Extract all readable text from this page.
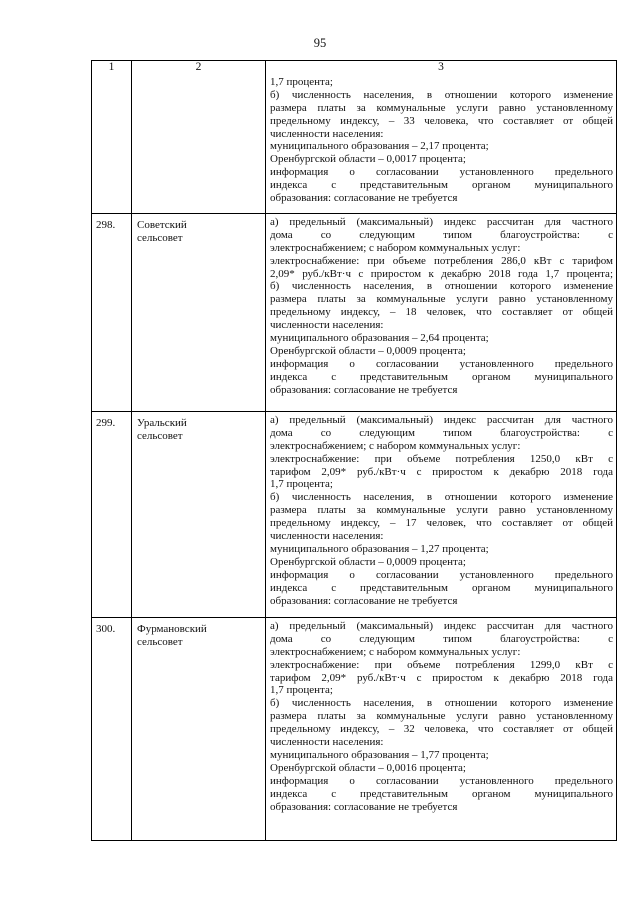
95
1	2	3
1,7 процента;
б) численность населения, в отношении которого изменение
размера платы за коммунальные услуги равно установленному
предельному индексу, – 33 человека, что составляет от общей
численности населения:
муниципального образования – 2,17 процента;
Оренбургской области – 0,0017 процента;
информация о согласовании установленного предельного
индекса с представительным органом муниципального
образования: согласование не требуется
298.	Советский
сельсовет
а) предельный (максимальный) индекс рассчитан для частного
дома со следующим типом благоустройства: с
электроснабжением; с набором коммунальных услуг:
электроснабжение: при объеме потребления 286,0 кВт с тарифом
2,09* руб./кВт·ч с приростом к декабрю 2018 года 1,7 процента;
б) численность населения, в отношении которого изменение
размера платы за коммунальные услуги равно установленному
предельному индексу, – 18 человек, что составляет от общей
численности населения:
муниципального образования – 2,64 процента;
Оренбургской области – 0,0009 процента;
информация о согласовании установленного предельного
индекса с представительным органом муниципального
образования: согласование не требуется
299.	Уральский
сельсовет
а) предельный (максимальный) индекс рассчитан для частного
дома со следующим типом благоустройства: с
электроснабжением; с набором коммунальных услуг:
электроснабжение: при объеме потребления 1250,0 кВт с
тарифом 2,09* руб./кВт·ч с приростом к декабрю 2018 года
1,7 процента;
б) численность населения, в отношении которого изменение
размера платы за коммунальные услуги равно установленному
предельному индексу, – 17 человек, что составляет от общей
численности населения:
муниципального образования – 1,27 процента;
Оренбургской области – 0,0009 процента;
информация о согласовании установленного предельного
индекса с представительным органом муниципального
образования: согласование не требуется
300.	Фурмановский
сельсовет
а) предельный (максимальный) индекс рассчитан для частного
дома со следующим типом благоустройства: с
электроснабжением; с набором коммунальных услуг:
электроснабжение: при объеме потребления 1299,0 кВт с
тарифом 2,09* руб./кВт·ч с приростом к декабрю 2018 года
1,7 процента;
б) численность населения, в отношении которого изменение
размера платы за коммунальные услуги равно установленному
предельному индексу, – 32 человека, что составляет от общей
численности населения:
муниципального образования – 1,77 процента;
Оренбургской области – 0,0016 процента;
информация о согласовании установленного предельного
индекса с представительным органом муниципального
образования: согласование не требуется
